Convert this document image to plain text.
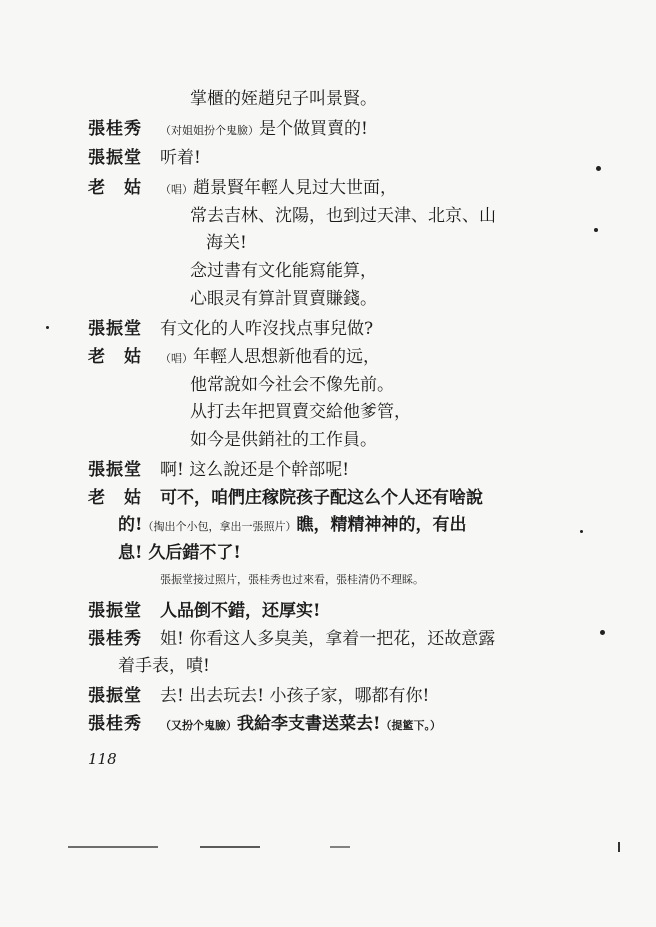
掌櫃的姪趙兒子叫景賢。
張桂秀 （对姐姐扮个鬼臉）是个做買賣的!
張振堂 听着!
老　姑 （唱）趙景賢年輕人見过大世面，
常去吉林、沈陽，也到过天津、北京、山
海关!
念过書有文化能寫能算，
心眼灵有算計買賣賺錢。
張振堂 有文化的人咋沒找点事兒做?
老　姑 （唱）年輕人思想新他看的远，
他常說如今社会不像先前。
从打去年把買賣交給他爹管，
如今是供銷社的工作員。
張振堂 啊! 这么說还是个幹部呢!
老　姑 可不，咱們庄稼院孩子配这么个人还有啥說
的!（掏出个小包，拿出一張照片）瞧，精精神神的，有出
息! 久后錯不了!
張振堂接过照片，張桂秀也过來看，張桂清仍不理睬。
張振堂 人品倒不錯，还厚实!
張桂秀 姐! 你看这人多臭美，拿着一把花，还故意露
着手表，嘖!
張振堂 去! 出去玩去! 小孩子家，哪都有你!
張桂秀 （又扮个鬼臉）我給李支書送菜去!（提籃下。）
118
